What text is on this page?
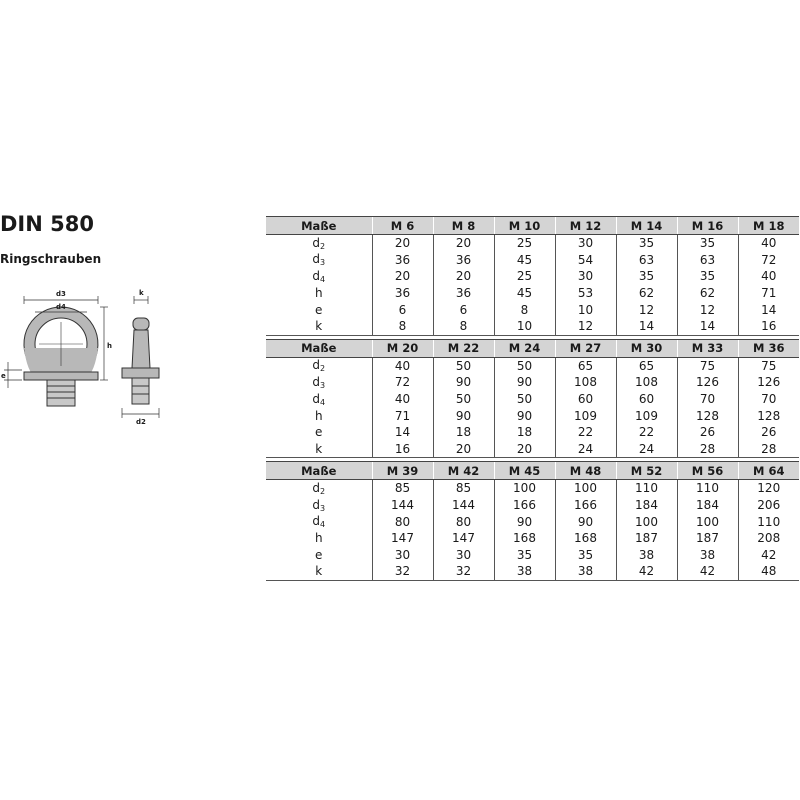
DIN 580
Ringschrauben
d3
d4
h
e
k
d2
Maße	M 6	M 8	M 10	M 12	M 14	M 16	M 18
$d_2$	20	20	25	30	35	35	40
$d_3$	36	36	45	54	63	63	72
$d_4$	20	20	25	30	35	35	40
h	36	36	45	53	62	62	71
e	6	6	8	10	12	12	14
k	8	8	10	12	14	14	16
Maße	M 20	M 22	M 24	M 27	M 30	M 33	M 36
$d_2$	40	50	50	65	65	75	75
$d_3$	72	90	90	108	108	126	126
$d_4$	40	50	50	60	60	70	70
h	71	90	90	109	109	128	128
e	14	18	18	22	22	26	26
k	16	20	20	24	24	28	28
Maße	M 39	M 42	M 45	M 48	M 52	M 56	M 64
$d_2$	85	85	100	100	110	110	120
$d_3$	144	144	166	166	184	184	206
$d_4$	80	80	90	90	100	100	110
h	147	147	168	168	187	187	208
e	30	30	35	35	38	38	42
k	32	32	38	38	42	42	48
